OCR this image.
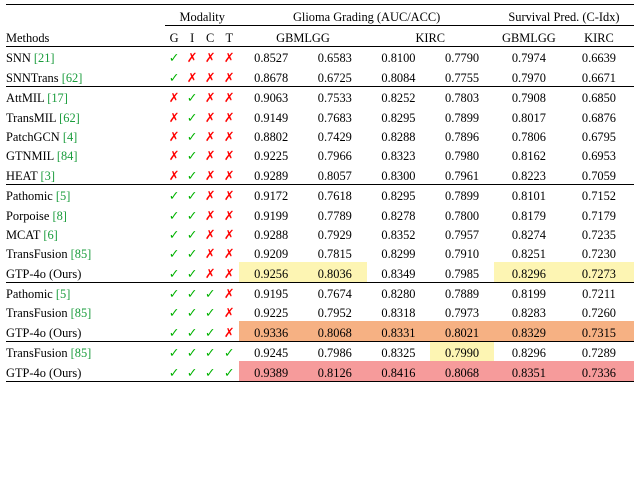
	Modality				Glioma Grading (AUC/ACC)				Survival Pred. (C-Idx)	
Methods	G	I	C	T	GBMLGG		KIRC		GBMLGG	KIRC
SNN [21]	✓	✗	✗	✗	0.8527	0.6583	0.8100	0.7790	0.7974	0.6639
SNNTrans [62]	✓	✗	✗	✗	0.8678	0.6725	0.8084	0.7755	0.7970	0.6671
AttMIL [17]	✗	✓	✗	✗	0.9063	0.7533	0.8252	0.7803	0.7908	0.6850
TransMIL [62]	✗	✓	✗	✗	0.9149	0.7683	0.8295	0.7899	0.8017	0.6876
PatchGCN [4]	✗	✓	✗	✗	0.8802	0.7429	0.8288	0.7896	0.7806	0.6795
GTNMIL [84]	✗	✓	✗	✗	0.9225	0.7966	0.8323	0.7980	0.8162	0.6953
HEAT [3]	✗	✓	✗	✗	0.9289	0.8057	0.8300	0.7961	0.8223	0.7059
Pathomic [5]	✓	✓	✗	✗	0.9172	0.7618	0.8295	0.7899	0.8101	0.7152
Porpoise [8]	✓	✓	✗	✗	0.9199	0.7789	0.8278	0.7800	0.8179	0.7179
MCAT [6]	✓	✓	✗	✗	0.9288	0.7929	0.8352	0.7957	0.8274	0.7235
TransFusion [85]	✓	✓	✗	✗	0.9209	0.7815	0.8299	0.7910	0.8251	0.7230
GTP-4o (Ours)	✓	✓	✗	✗	0.9256	0.8036	0.8349	0.7985	0.8296	0.7273
Pathomic [5]	✓	✓	✓	✗	0.9195	0.7674	0.8280	0.7889	0.8199	0.7211
TransFusion [85]	✓	✓	✓	✗	0.9225	0.7952	0.8318	0.7973	0.8283	0.7260
GTP-4o (Ours)	✓	✓	✓	✗	0.9336	0.8068	0.8331	0.8021	0.8329	0.7315
TransFusion [85]	✓	✓	✓	✓	0.9245	0.7986	0.8325	0.7990	0.8296	0.7289
GTP-4o (Ours)	✓	✓	✓	✓	0.9389	0.8126	0.8416	0.8068	0.8351	0.7336
